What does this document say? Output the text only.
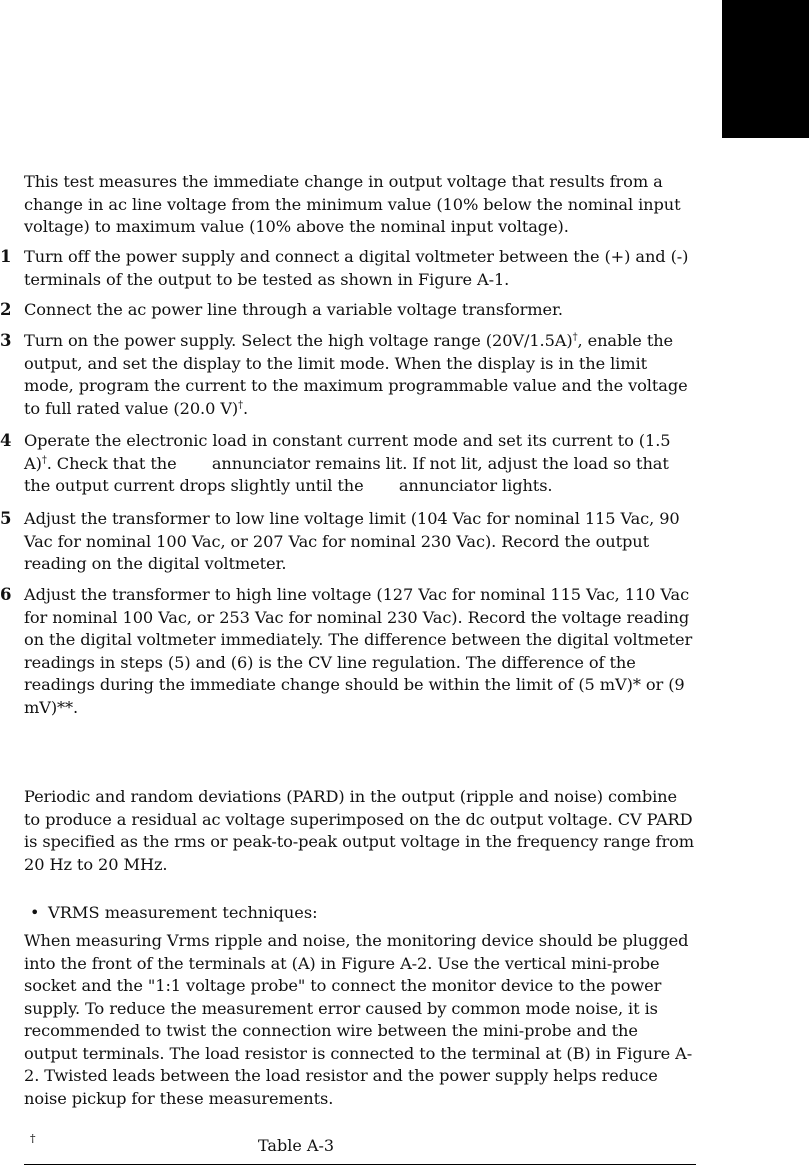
This test measures the immediate change in output voltage that results from a change in ac line voltage from the minimum value (10% below the nominal input voltage) to maximum value (10% above the nominal input voltage).

1 Turn off the power supply and connect a digital voltmeter between the (+) and (-) terminals of the output to be tested as shown in Figure A-1.

2 Connect the ac power line through a variable voltage transformer.

3 Turn on the power supply. Select the high voltage range (20V/1.5A)†, enable the output, and set the display to the limit mode. When the display is in the limit mode, program the current to the maximum programmable value and the voltage to full rated value (20.0 V)†.

4 Operate the electronic load in constant current mode and set its current to (1.5 A)†. Check that the       annunciator remains lit. If not lit, adjust the load so that the output current drops slightly until the       annunciator lights.

5 Adjust the transformer to low line voltage limit (104 Vac for nominal 115 Vac, 90 Vac for nominal 100 Vac, or 207 Vac for nominal 230 Vac). Record the output reading on the digital voltmeter.

6 Adjust the transformer to high line voltage (127 Vac for nominal 115 Vac, 110 Vac for nominal 100 Vac, or 253 Vac for nominal 230 Vac). Record the voltage reading on the digital voltmeter immediately. The difference between the digital voltmeter readings in steps (5) and (6) is the CV line regulation. The difference of the readings during the immediate change should be within the limit of (5 mV)* or (9 mV)**.

Periodic and random deviations (PARD) in the output (ripple and noise) combine to produce a residual ac voltage superimposed on the dc output voltage. CV PARD is specified as the rms or peak-to-peak output voltage in the frequency range from 20 Hz to 20 MHz.

• VRMS measurement techniques:

When measuring Vrms ripple and noise, the monitoring device should be plugged into the front of the terminals at (A) in Figure A-2. Use the vertical mini-probe socket and the "1:1 voltage probe" to connect the monitor device to the power supply. To reduce the measurement error caused by common mode noise, it is recommended to twist the connection wire between the mini-probe and the output terminals. The load resistor is connected to the terminal at (B) in Figure A-2. Twisted leads between the load resistor and the power supply helps reduce noise pickup for these measurements.

†	Table A-3
